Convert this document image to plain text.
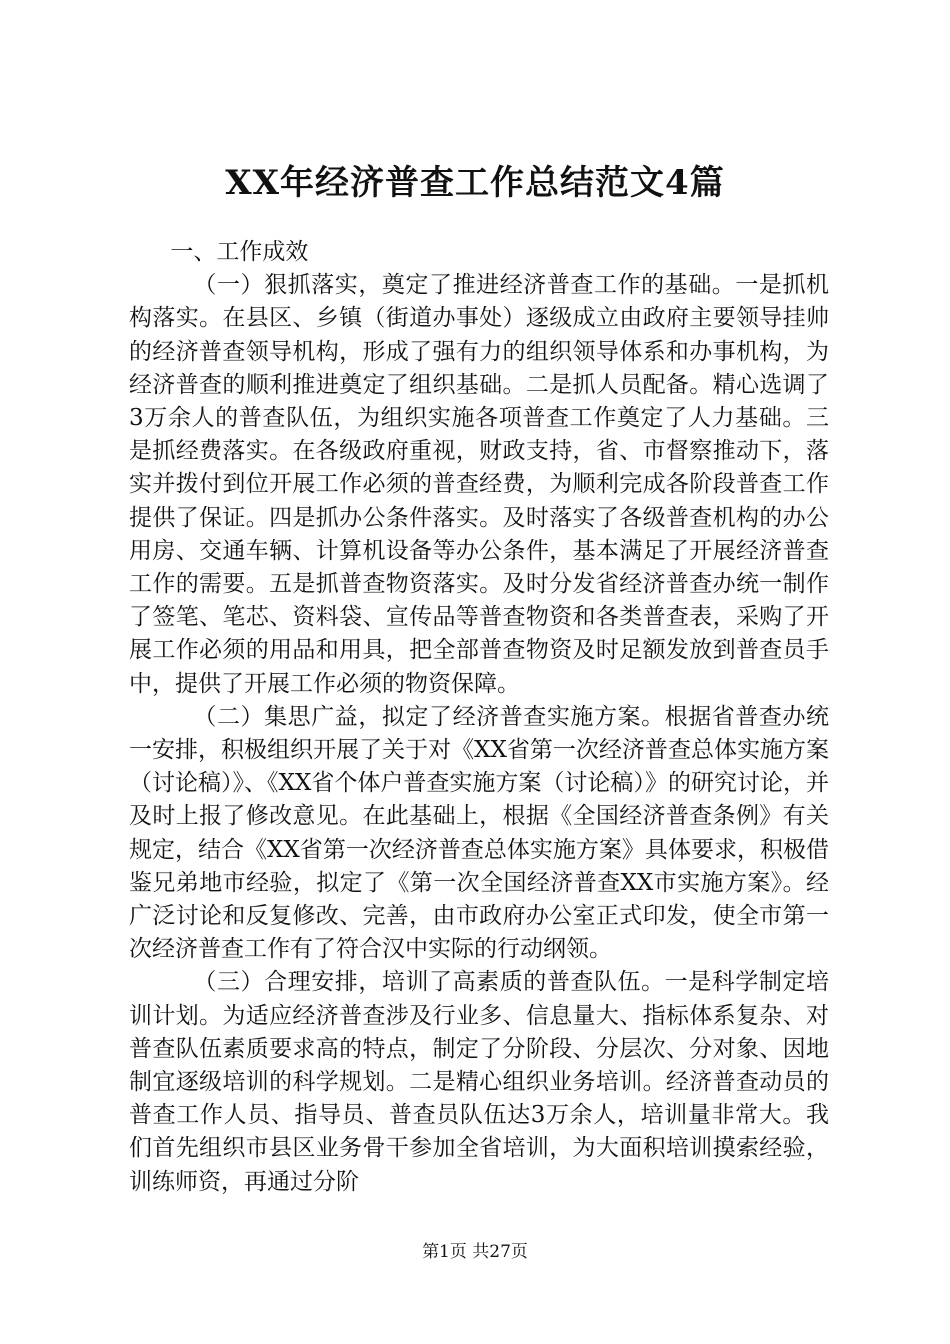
XX年经济普查工作总结范文4篇

一、工作成效

（一）狠抓落实，奠定了推进经济普查工作的基础。一是抓机构落实。在县区、乡镇（街道办事处）逐级成立由政府主要领导挂帅的经济普查领导机构，形成了强有力的组织领导体系和办事机构，为经济普查的顺利推进奠定了组织基础。二是抓人员配备。精心选调了3万余人的普查队伍，为组织实施各项普查工作奠定了人力基础。三是抓经费落实。在各级政府重视，财政支持，省、市督察推动下，落实并拨付到位开展工作必须的普查经费，为顺利完成各阶段普查工作提供了保证。四是抓办公条件落实。及时落实了各级普查机构的办公用房、交通车辆、计算机设备等办公条件，基本满足了开展经济普查工作的需要。五是抓普查物资落实。及时分发省经济普查办统一制作了签笔、笔芯、资料袋、宣传品等普查物资和各类普查表，采购了开展工作必须的用品和用具，把全部普查物资及时足额发放到普查员手中，提供了开展工作必须的物资保障。

（二）集思广益，拟定了经济普查实施方案。根据省普查办统一安排，积极组织开展了关于对《XX省第一次经济普查总体实施方案（讨论稿）》、《XX省个体户普查实施方案（讨论稿）》的研究讨论，并及时上报了修改意见。在此基础上，根据《全国经济普查条例》有关规定，结合《XX省第一次经济普查总体实施方案》具体要求，积极借鉴兄弟地市经验，拟定了《第一次全国经济普查XX市实施方案》。经广泛讨论和反复修改、完善，由市政府办公室正式印发，使全市第一次经济普查工作有了符合汉中实际的行动纲领。

（三）合理安排，培训了高素质的普查队伍。一是科学制定培训计划。为适应经济普查涉及行业多、信息量大、指标体系复杂、对普查队伍素质要求高的特点，制定了分阶段、分层次、分对象、因地制宜逐级培训的科学规划。二是精心组织业务培训。经济普查动员的普查工作人员、指导员、普查员队伍达3万余人，培训量非常大。我们首先组织市县区业务骨干参加全省培训，为大面积培训摸索经验，训练师资，再通过分阶

第1页 共27页
